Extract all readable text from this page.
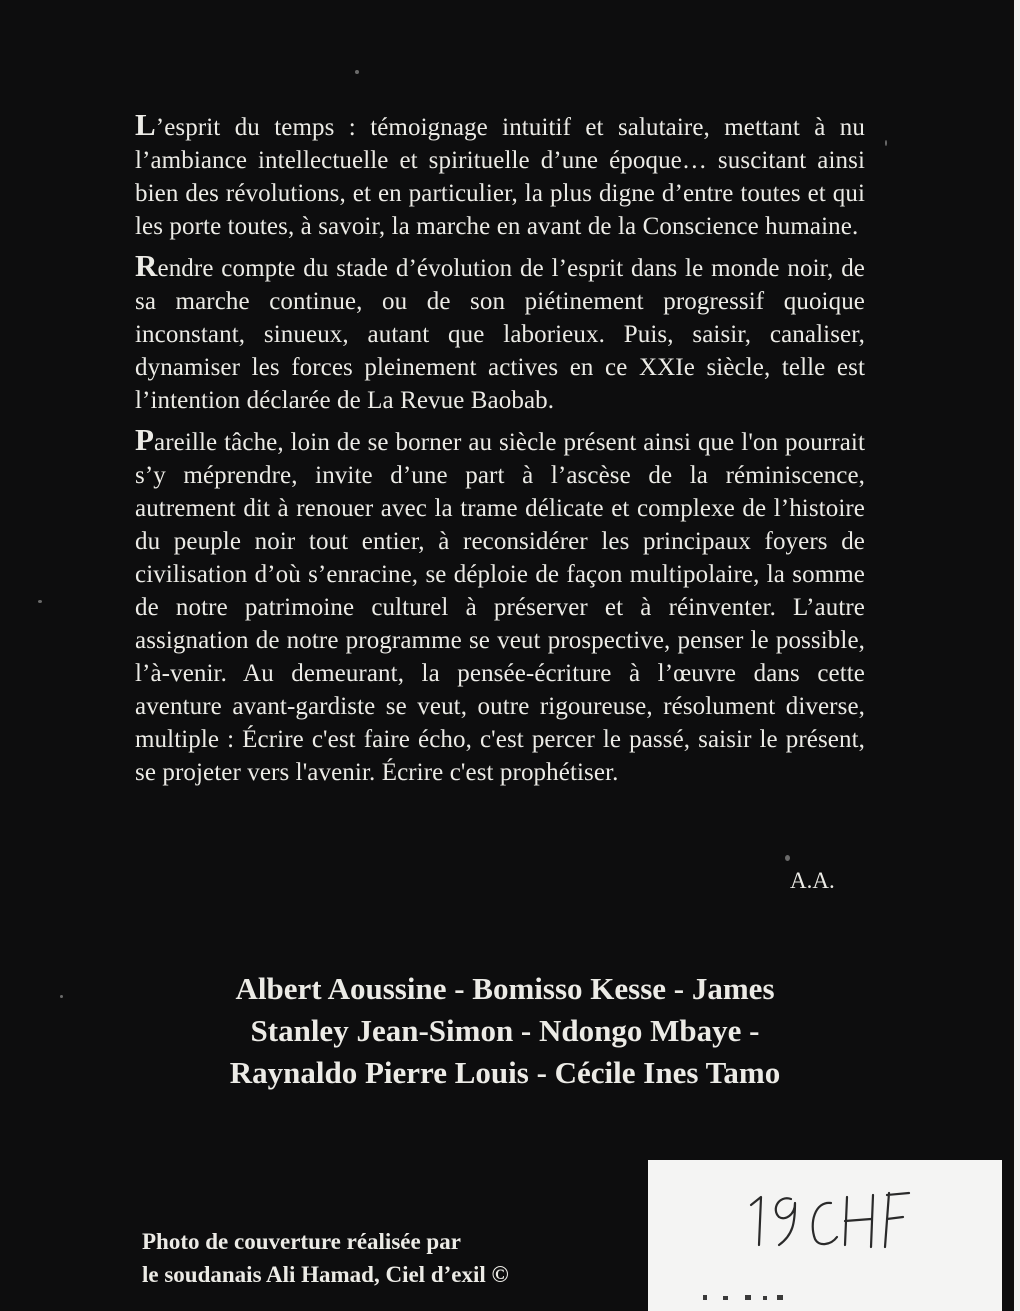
L’esprit du temps : témoignage intuitif et salutaire, mettant à nu l’ambiance intellectuelle et spirituelle d’une époque… suscitant ainsi bien des révolutions, et en particulier, la plus digne d’entre toutes et qui les porte toutes, à savoir, la marche en avant de la Conscience humaine.

Rendre compte du stade d’évolution de l’esprit dans le monde noir, de sa marche continue, ou de son piétinement progressif quoique inconstant, sinueux, autant que laborieux. Puis, saisir, canaliser, dynamiser les forces pleinement actives en ce XXIe siècle, telle est l’intention déclarée de La Revue Baobab.

Pareille tâche, loin de se borner au siècle présent ainsi que l'on pourrait s’y méprendre, invite d’une part à l’ascèse de la réminiscence, autrement dit à renouer avec la trame délicate et complexe de l’histoire du peuple noir tout entier, à reconsidérer les principaux foyers de civilisation d’où s’enracine, se déploie de façon multipolaire, la somme de notre patrimoine culturel à préserver et à réinventer. L’autre assignation de notre programme se veut prospective, penser le possible, l’à-venir. Au demeurant, la pensée-écriture à l’œuvre dans cette aventure avant-gardiste se veut, outre rigoureuse, résolument diverse, multiple : Écrire c'est faire écho, c'est percer le passé, saisir le présent, se projeter vers l'avenir. Écrire c'est prophétiser.

A.A.
Albert Aoussine - Bomisso Kesse - James
Stanley Jean-Simon - Ndongo Mbaye -
Raynaldo Pierre Louis - Cécile Ines Tamo
Photo de couverture réalisée par
le soudanais Ali Hamad, Ciel d’exil ©
